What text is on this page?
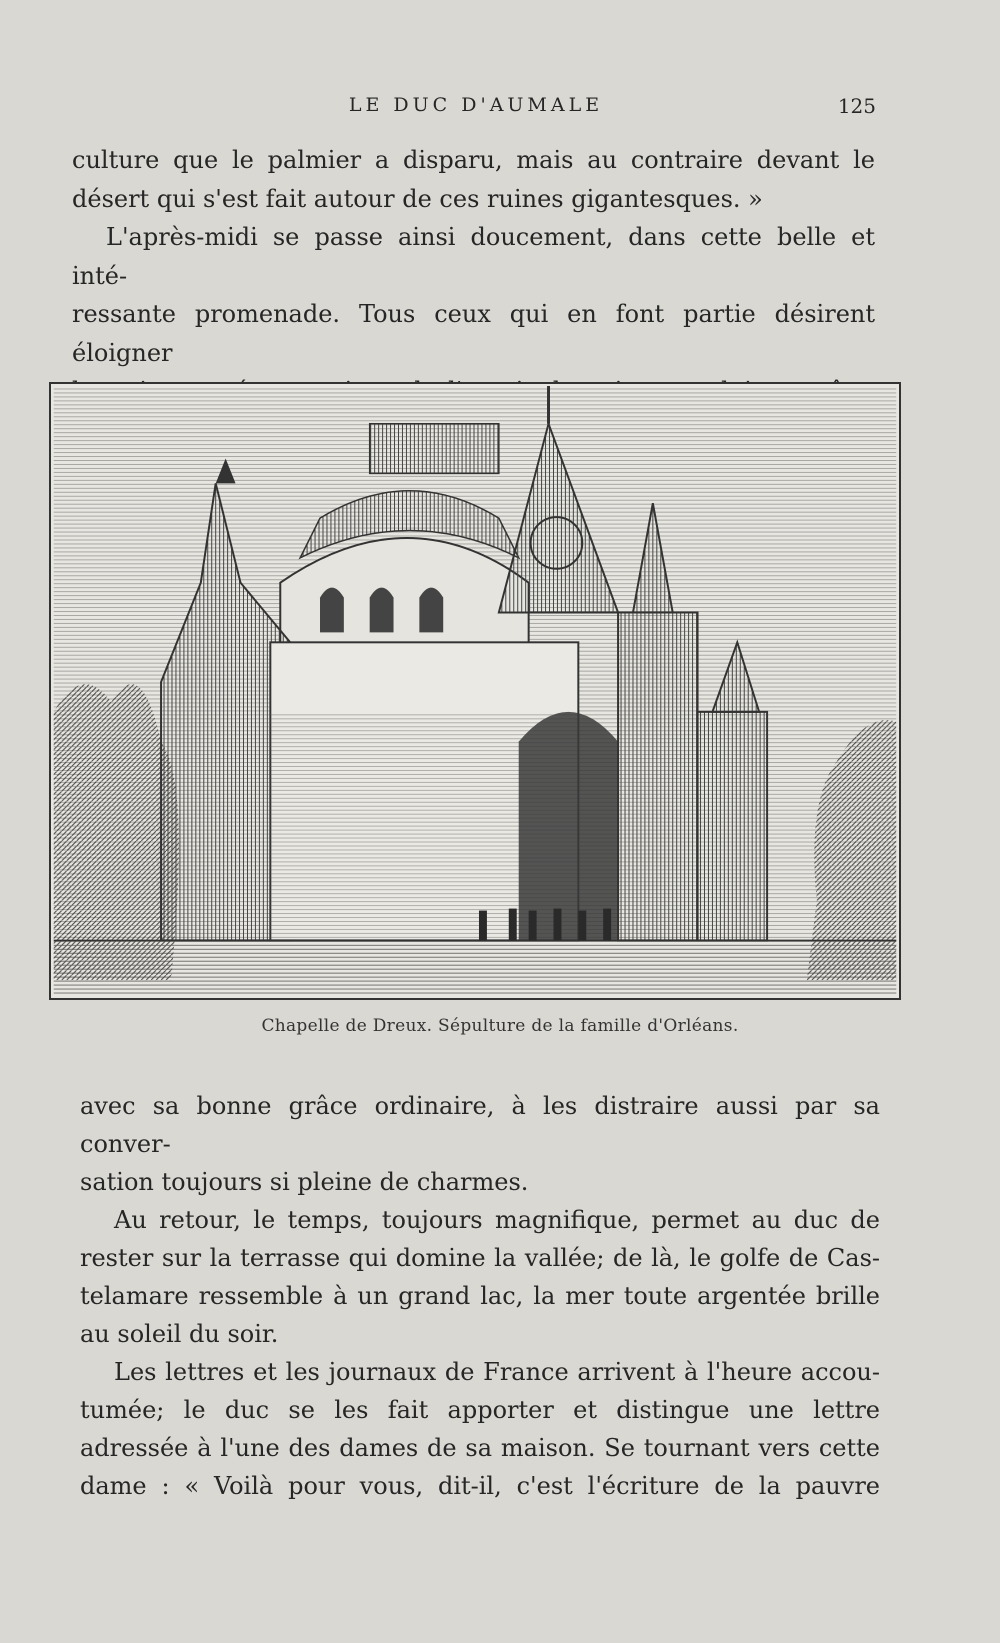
LE DUC D'AUMALE	125

culture que le palmier a disparu, mais au contraire devant le

désert qui s'est fait autour de ces ruines gigantesques. »

L'après-midi se passe ainsi doucement, dans cette belle et inté-

ressante promenade. Tous ceux qui en font partie désirent éloigner

Chapelle de Dreux. Sépulture de la famille d'Orléans.

avec sa bonne grâce ordinaire, à les distraire aussi par sa conver-

sation toujours si pleine de charmes.

Au retour, le temps, toujours magnifique, permet au duc de

rester sur la terrasse qui domine la vallée; de là, le golfe de Cas-

telamare ressemble à un grand lac, la mer toute argentée brille

au soleil du soir.

Les lettres et les journaux de France arrivent à l'heure accou-

tumée; le duc se les fait apporter et distingue une lettre

adressée à l'une des dames de sa maison. Se tournant vers cette

dame : « Voilà pour vous, dit-il, c'est l'écriture de la pauvre
